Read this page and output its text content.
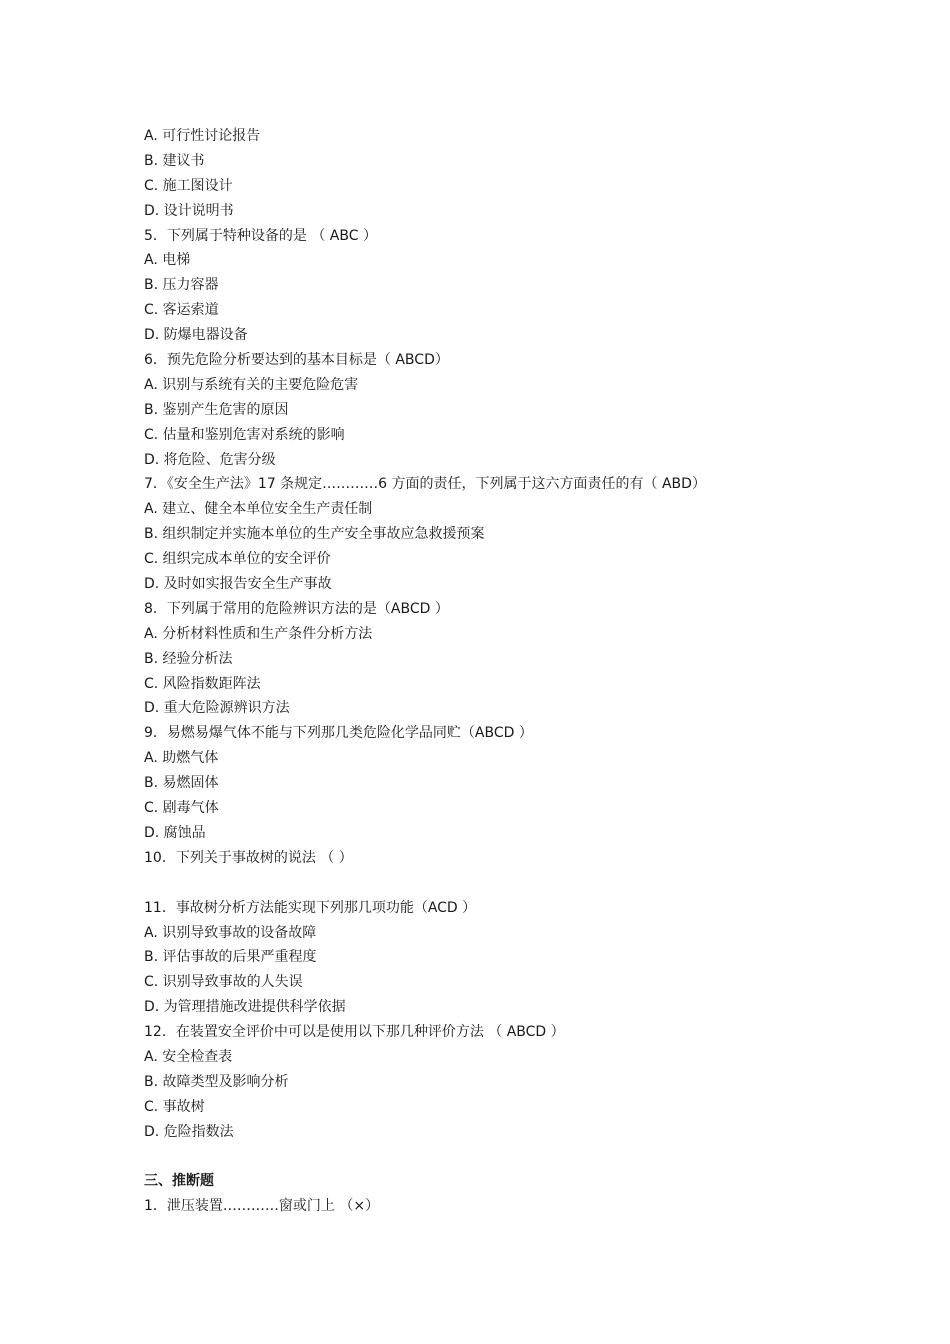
A. 可行性讨论报告
B. 建议书
C. 施工图设计
D. 设计说明书
5．下列属于特种设备的是 （ ABC ）
A. 电梯
B. 压力容器
C. 客运索道
D. 防爆电器设备
6．预先危险分析要达到的基本目标是（ ABCD）
A. 识别与系统有关的主要危险危害
B. 鉴别产生危害的原因
C. 估量和鉴别危害对系统的影响
D. 将危险、危害分级
7．《安全生产法》17 条规定…………6 方面的责任，下列属于这六方面责任的有（ ABD）
A. 建立、健全本单位安全生产责任制
B. 组织制定并实施本单位的生产安全事故应急救援预案
C. 组织完成本单位的安全评价
D. 及时如实报告安全生产事故
8．下列属于常用的危险辨识方法的是（ABCD ）
A. 分析材料性质和生产条件分析方法
B. 经验分析法
C. 风险指数距阵法
D. 重大危险源辨识方法
9．易燃易爆气体不能与下列那几类危险化学品同贮（ABCD ）
A. 助燃气体
B. 易燃固体
C. 剧毒气体
D. 腐蚀品
10．下列关于事故树的说法 （ ）
11．事故树分析方法能实现下列那几项功能（ACD ）
A. 识别导致事故的设备故障
B. 评估事故的后果严重程度
C. 识别导致事故的人失误
D. 为管理措施改进提供科学依据
12．在装置安全评价中可以是使用以下那几种评价方法 （ ABCD ）
A. 安全检查表
B. 故障类型及影响分析
C. 事故树
D. 危险指数法
三、推断题
1．泄压装置…………窗或门上 （×）
